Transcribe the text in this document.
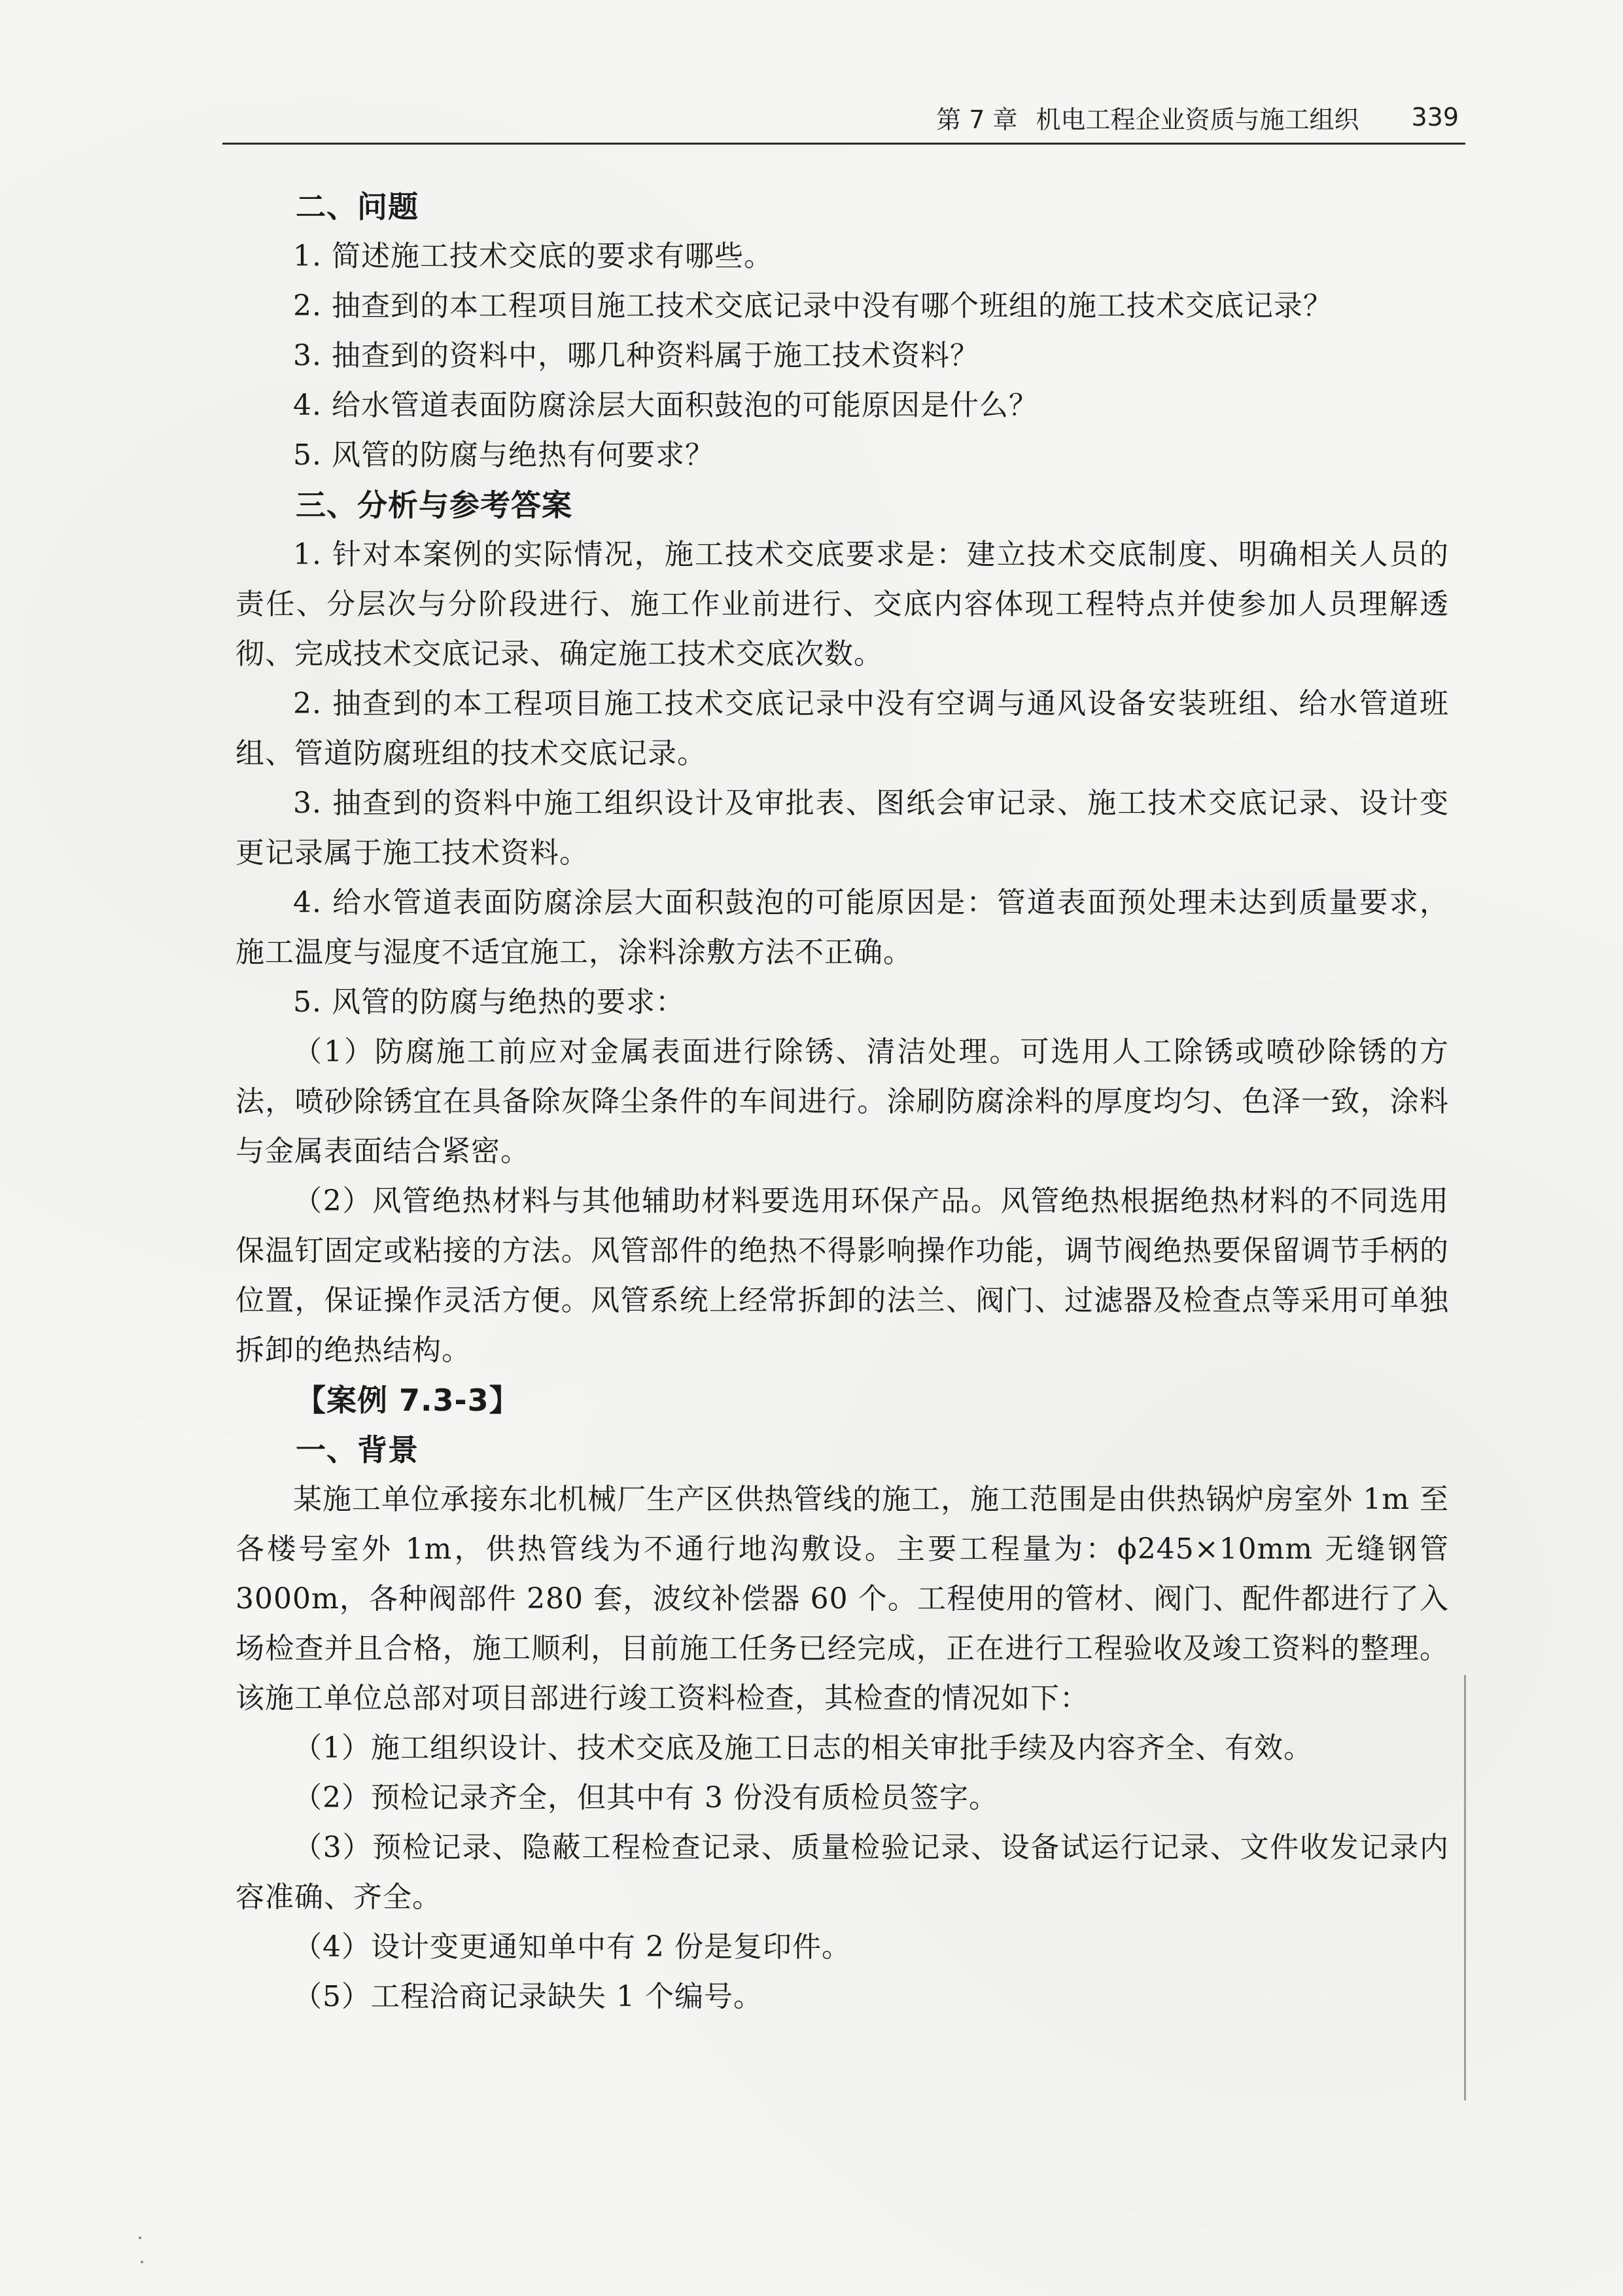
第 7 章 机电工程企业资质与施工组织 339

二、问题

1. 简述施工技术交底的要求有哪些。

2. 抽查到的本工程项目施工技术交底记录中没有哪个班组的施工技术交底记录？

3. 抽查到的资料中，哪几种资料属于施工技术资料？

4. 给水管道表面防腐涂层大面积鼓泡的可能原因是什么？

5. 风管的防腐与绝热有何要求？

三、分析与参考答案

1. 针对本案例的实际情况，施工技术交底要求是：建立技术交底制度、明确相关人员的责任、分层次与分阶段进行、施工作业前进行、交底内容体现工程特点并使参加人员理解透彻、完成技术交底记录、确定施工技术交底次数。

2. 抽查到的本工程项目施工技术交底记录中没有空调与通风设备安装班组、给水管道班组、管道防腐班组的技术交底记录。

3. 抽查到的资料中施工组织设计及审批表、图纸会审记录、施工技术交底记录、设计变更记录属于施工技术资料。

4. 给水管道表面防腐涂层大面积鼓泡的可能原因是：管道表面预处理未达到质量要求，施工温度与湿度不适宜施工，涂料涂敷方法不正确。

5. 风管的防腐与绝热的要求：

（1）防腐施工前应对金属表面进行除锈、清洁处理。可选用人工除锈或喷砂除锈的方法，喷砂除锈宜在具备除灰降尘条件的车间进行。涂刷防腐涂料的厚度均匀、色泽一致，涂料与金属表面结合紧密。

（2）风管绝热材料与其他辅助材料要选用环保产品。风管绝热根据绝热材料的不同选用保温钉固定或粘接的方法。风管部件的绝热不得影响操作功能，调节阀绝热要保留调节手柄的位置，保证操作灵活方便。风管系统上经常拆卸的法兰、阀门、过滤器及检查点等采用可单独拆卸的绝热结构。

【案例 7.3-3】

一、背景

某施工单位承接东北机械厂生产区供热管线的施工，施工范围是由供热锅炉房室外 1m 至各楼号室外 1m，供热管线为不通行地沟敷设。主要工程量为：ϕ245×10mm 无缝钢管 3000m，各种阀部件 280 套，波纹补偿器 60 个。工程使用的管材、阀门、配件都进行了入场检查并且合格，施工顺利，目前施工任务已经完成，正在进行工程验收及竣工资料的整理。该施工单位总部对项目部进行竣工资料检查，其检查的情况如下：

（1）施工组织设计、技术交底及施工日志的相关审批手续及内容齐全、有效。

（2）预检记录齐全，但其中有 3 份没有质检员签字。

（3）预检记录、隐蔽工程检查记录、质量检验记录、设备试运行记录、文件收发记录内容准确、齐全。

（4）设计变更通知单中有 2 份是复印件。

（5）工程洽商记录缺失 1 个编号。
